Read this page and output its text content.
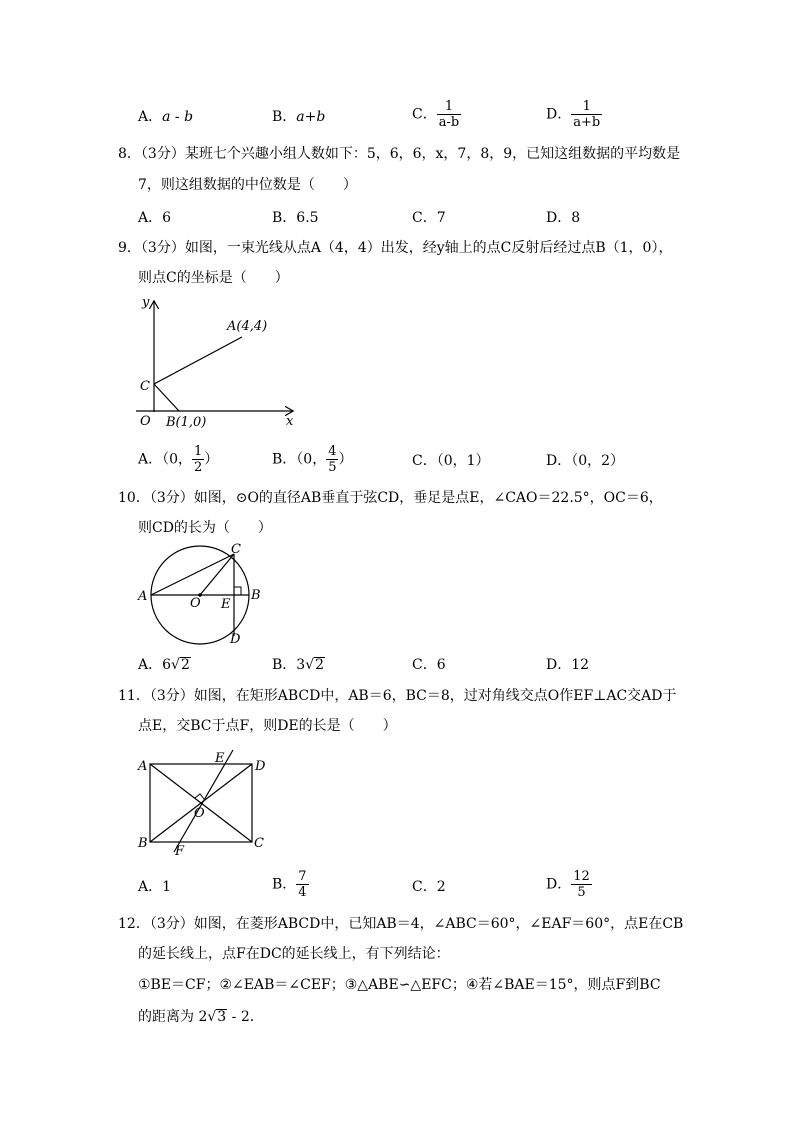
A．a - b	B．a+b	C． $\frac{1}{a-b}$	D． $\frac{1}{a+b}$
8．（3分）某班七个兴趣小组人数如下：5，6，6，x，7，8，9，已知这组数据的平均数是
7，则这组数据的中位数是（　　）
A．6	B．6.5	C．7	D．8
9．（3分）如图，一束光线从点A（4，4）出发，经y轴上的点C反射后经过点B（1，0），
则点C的坐标是（　　）
y
x
A(4,4)
C
O B(1,0)
A．（0， $\frac{1}{2}$ ）	B．（0， $\frac{4}{5}$ ）	C．（0，1）	D．（0，2）
10．（3分）如图，⊙O的直径AB垂直于弦CD，垂足是点E，∠CAO＝22.5°，OC＝6，
则CD的长为（　　）
A	B
C
D
O E
A．6√2	B．3√2	C．6	D．12
11．（3分）如图，在矩形ABCD中，AB＝6，BC＝8，过对角线交点O作EF⊥AC交AD于
点E，交BC于点F，则DE的长是（　　）
A	D
B	C
E
F
O
A．1	B． $\frac{7}{4}$	C．2	D． $\frac{12}{5}$
12．（3分）如图，在菱形ABCD中，已知AB＝4，∠ABC＝60°，∠EAF＝60°，点E在CB
的延长线上，点F在DC的延长线上，有下列结论：
①BE＝CF；②∠EAB＝∠CEF；③△ABE∽△EFC；④若∠BAE＝15°，则点F到BC
的距离为 2√3 - 2．
